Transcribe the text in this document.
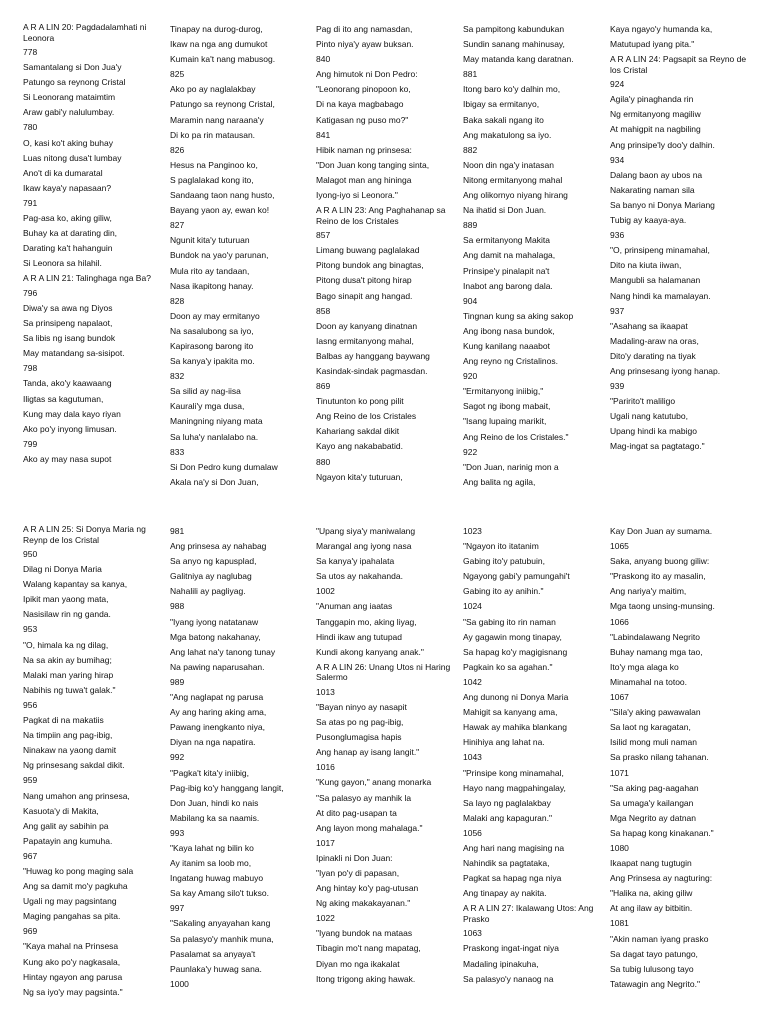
A R A LIN 20: Pagdadalamhati ni Leonora
778
Samantalang si Don Jua'y
Patungo sa reynong Cristal
Si Leonorang mataimtim
Araw gabi'y nalulumbay.
780
O, kasi ko't aking buhay
Luas nitong dusa't lumbay
Ano't di ka dumaratal
Ikaw kaya'y napasaan?
791
Pag-asa ko, aking giliw,
Buhay ka at darating din,
Darating ka't hahanguin
Si Leonora sa hilahil.
A R A LIN 21: Talinghaga nga Ba?
796
Diwa'y sa awa ng Diyos
Sa prinsipeng napalaot,
Sa libis ng isang bundok
May matandang sa-sisipot.
798
Tanda, ako'y kaawaang
Iligtas sa kagutuman,
Kung may dala kayo riyan
Ako po'y inyong limusan.
799
Ako ay may nasa supot
Tinapay na durog-durog,
Ikaw na nga ang dumukot
Kumain ka't nang mabusog.
825
Ako po ay naglalakbay
Patungo sa reynong Cristal,
Maramin nang naraana'y
Di ko pa rin matausan.
826
Hesus na Panginoo ko,
S paglalakad kong ito,
Sandaang taon nang husto,
Bayang yaon ay, ewan ko!
827
Ngunit kita'y tuturuan
Bundok na yao'y parunan,
Mula rito ay tandaan,
Nasa ikapitong hanay.
828
Doon ay may ermitanyo
Na sasalubong sa iyo,
Kapirasong barong ito
Sa kanya'y ipakita mo.
832
Sa silid ay nag-iisa
Kaurali'y mga dusa,
Maningning niyang mata
Sa luha'y nanlalabo na.
833
Si Don Pedro kung dumalaw
Akala na'y si Don Juan,
Pag di ito ang namasdan,
Pinto niya'y ayaw buksan.
840
Ang himutok ni Don Pedro:
"Leonorang pinopoon ko,
Di na kaya magbabago
Katigasan ng puso mo?"
841
Hibik naman ng prinsesa:
"Don Juan kong tanging sinta,
Malagot man ang hininga
Iyong-iyo si Leonora."
A R A LIN 23: Ang Paghahanap sa Reino de los Cristales
857
Limang buwang paglalakad
Pitong bundok ang binagtas,
Pitong dusa't pitong hirap
Bago sinapit ang hangad.
858
Doon ay kanyang dinatnan
Iasng ermitanyong mahal,
Balbas ay hanggang baywang
Kasindak-sindak pagmasdan.
869
Tinutunton ko pong pilit
Ang Reino de los Cristales
Kahariang sakdal dikit
Kayo ang nakababatid.
880
Ngayon kita'y tuturuan,
Sa pampitong kabundukan
Sundin sanang mahinusay,
May matanda kang daratnan.
881
Itong baro ko'y dalhin mo,
Ibigay sa ermitanyo,
Baka sakali ngang ito
Ang makatulong sa iyo.
882
Noon din nga'y inatasan
Nitong ermitanyong mahal
Ang olikornyo niyang hirang
Na ihatid si Don Juan.
889
Sa ermitanyong Makita
Ang damit na mahalaga,
Prinsipe'y pinalapit na't
Inabot ang barong dala.
904
Tingnan kung sa aking sakop
Ang ibong nasa bundok,
Kung kanilang naaabot
Ang reyno ng Cristalinos.
920
"Ermitanyong iniibig,"
Sagot ng ibong mabait,
"Isang lupaing marikit,
Ang Reino de los Cristales."
922
"Don Juan, narinig mon a
Ang balita ng agila,
Kaya ngayo'y humanda ka,
Matutupad iyang pita."
A R A LIN 24: Pagsapit sa Reyno de los Cristal
924
Agila'y pinaghanda rin
Ng ermitanyong magiliw
At mahigpit na nagbiling
Ang prinsipe'ly doo'y dalhin.
934
Dalang baon ay ubos na
Nakarating naman sila
Sa banyo ni Donya Mariang
Tubig ay kaaya-aya.
936
"O, prinsipeng minamahal,
Dito na kiuta iiwan,
Mangubli sa halamanan
Nang hindi ka mamalayan.
937
"Asahang sa ikaapat
Madaling-araw na oras,
Dito'y darating na tiyak
Ang prinsesang iyong hanap.
939
"Paririto't maliligo
Ugali nang katutubo,
Upang hindi ka mabigo
Mag-ingat sa pagtatago."
A R A LIN 25: Si Donya Maria ng Reynp de los Cristal
950
Dilag ni Donya Maria
Walang kapantay sa kanya,
Ipikit man yaong mata,
Nasisilaw rin ng ganda.
953
"O, himala ka ng dilag,
Na sa akin ay bumihag;
Malaki man yaring hirap
Nabihis ng tuwa't galak."
956
Pagkat di na makatiis
Na timpiin ang pag-ibig,
Ninakaw na yaong damit
Ng prinsesang sakdal dikit.
959
Nang umahon ang prinsesa,
Kasuota'y di Makita,
Ang galit ay sabihin pa
Papatayin ang kumuha.
967
"Huwag ko pong maging sala
Ang sa damit mo'y pagkuha
Ugali ng may pagsintang
Maging pangahas sa pita.
969
"Kaya mahal na Prinsesa
Kung ako po'y nagkasala,
Hintay ngayon ang parusa
Ng sa iyo'y may pagsinta."
981
Ang prinsesa ay nahabag
Sa anyo ng kapusplad,
Galitniya ay naglubag
Nahalili ay pagliyag.
988
"Iyang iyong natatanaw
Mga batong nakahanay,
Ang lahat na'y tanong tunay
Na pawing naparusahan.
989
"Ang naglapat ng parusa
Ay ang haring aking ama,
Pawang inengkanto niya,
Diyan na nga napatira.
992
"Pagka't kita'y iniibig,
Pag-ibig ko'y hanggang langit,
Don Juan, hindi ko nais
Mabilang ka sa naamis.
993
"Kaya lahat ng bilin ko
Ay itanim sa loob mo,
Ingatang huwag mabuyo
Sa kay Amang silo't tukso.
997
"Sakaling anyayahan kang
Sa palasyo'y manhik muna,
Pasalamat sa anyaya't
Paunlaka'y huwag sana.
1000
"Upang siya'y maniwalang
Marangal ang iyong nasa
Sa kanya'y ipahalata
Sa utos ay nakahanda.
1002
"Anuman ang iaatas
Tanggapin mo, aking liyag,
Hindi ikaw ang tutupad
Kundi akong kanyang anak."
A R A LIN 26: Unang Utos ni Haring Salermo
1013
"Bayan ninyo ay nasapit
Sa atas po ng pag-ibig,
Pusonglumagisa hapis
Ang hanap ay isang langit."
1016
"Kung gayon," anang monarka
"Sa palasyo ay manhik la
At dito pag-usapan ta
Ang layon mong mahalaga."
1017
Ipinakli ni Don Juan:
"Iyan po'y di papasan,
Ang hintay ko'y pag-utusan
Ng aking makakayanan."
1022
"Iyang bundok na mataas
Tibagin mo't nang mapatag,
Diyan mo nga ikakalat
Itong trigong aking hawak.
1023
"Ngayon ito itatanim
Gabing ito'y patubuin,
Ngayong gabi'y pamungahi't
Gabing ito ay anihin."
1024
"Sa gabing ito rin naman
Ay gagawin mong tinapay,
Sa hapag ko'y magigisnang
Pagkain ko sa agahan."
1042
Ang dunong ni Donya Maria
Mahigit sa kanyang ama,
Hawak ay mahika blankang
Hinihiya ang lahat na.
1043
"Prinsipe kong minamahal,
Hayo nang magpahingalay,
Sa layo ng paglalakbay
Malaki ang kapaguran."
1056
Ang hari nang magising na
Nahindik sa pagtataka,
Pagkat sa hapag nga niya
Ang tinapay ay nakita.
A R A LIN 27: Ikalawang Utos: Ang Prasko
1063
Praskong ingat-ingat niya
Madaling ipinakuha,
Sa palasyo'y nanaog na
Kay Don Juan ay sumama.
1065
Saka, anyang buong giliw:
"Praskong ito ay masalin,
Ang nariya'y maitim,
Mga taong unsing-munsing.
1066
"Labindalawang Negrito
Buhay namang mga tao,
Ito'y mga alaga ko
Minamahal na totoo.
1067
"Sila'y aking pawawalan
Sa laot ng karagatan,
Isilid mong muli naman
Sa prasko nilang tahanan.
1071
"Sa aking pag-aagahan
Sa umaga'y kailangan
Mga Negrito ay datnan
Sa hapag kong kinakanan."
1080
Ikaapat nang tugtugin
Ang Prinsesa ay nagturing:
"Halika na, aking giliw
At ang ilaw ay bitbitin.
1081
"Akin naman iyang prasko
Sa dagat tayo patungo,
Sa tubig lulusong tayo
Tatawagin ang Negrito."
